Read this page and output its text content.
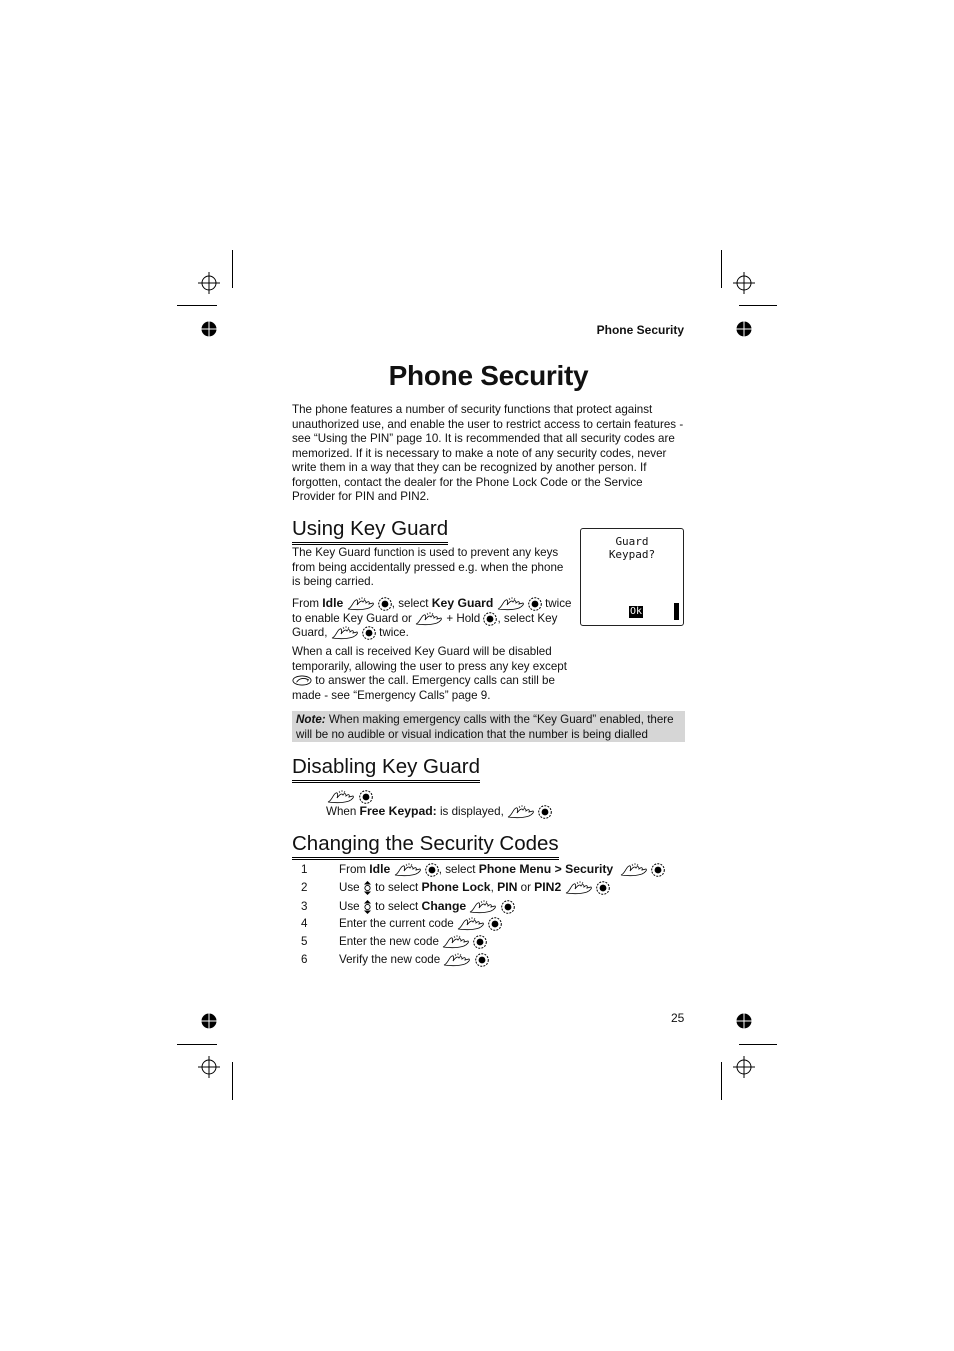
Phone Security
Phone Security

The phone features a number of security functions that protect against unauthorized use, and enable the user to restrict access to certain features - see “Using the PIN” page 10. It is recommended that all security codes are memorized. If it is necessary to make a note of any security codes, never write them in a way that they can be recognized by another person. If forgotten, contact the dealer for the Phone Lock Code or the Service Provider for PIN and PIN2.

Using Key Guard

The Key Guard function is used to prevent any keys from being accidentally pressed e.g. when the phone is being carried.

From Idle	, select Key Guard	twice to enable Key Guard or	+ Hold , select Key Guard,	twice.

When a call is received Key Guard will be disabled temporarily, allowing the user to press any key except  to answer the call. Emergency calls can still be made - see “Emergency Calls” page 9.

Guard
Keypad?
Ok
Note: When making emergency calls with the “Key Guard” enabled, there will be no audible or visual indication that the number is being dialled
Disabling Key Guard

When Free Keypad: is displayed,

Changing the Security Codes
1	From Idle	, select Phone Menu > Security
2	Use to select Phone Lock, PIN or PIN2
3	Use to select Change
4	Enter the current code
5	Enter the new code
6	Verify the new code
25
